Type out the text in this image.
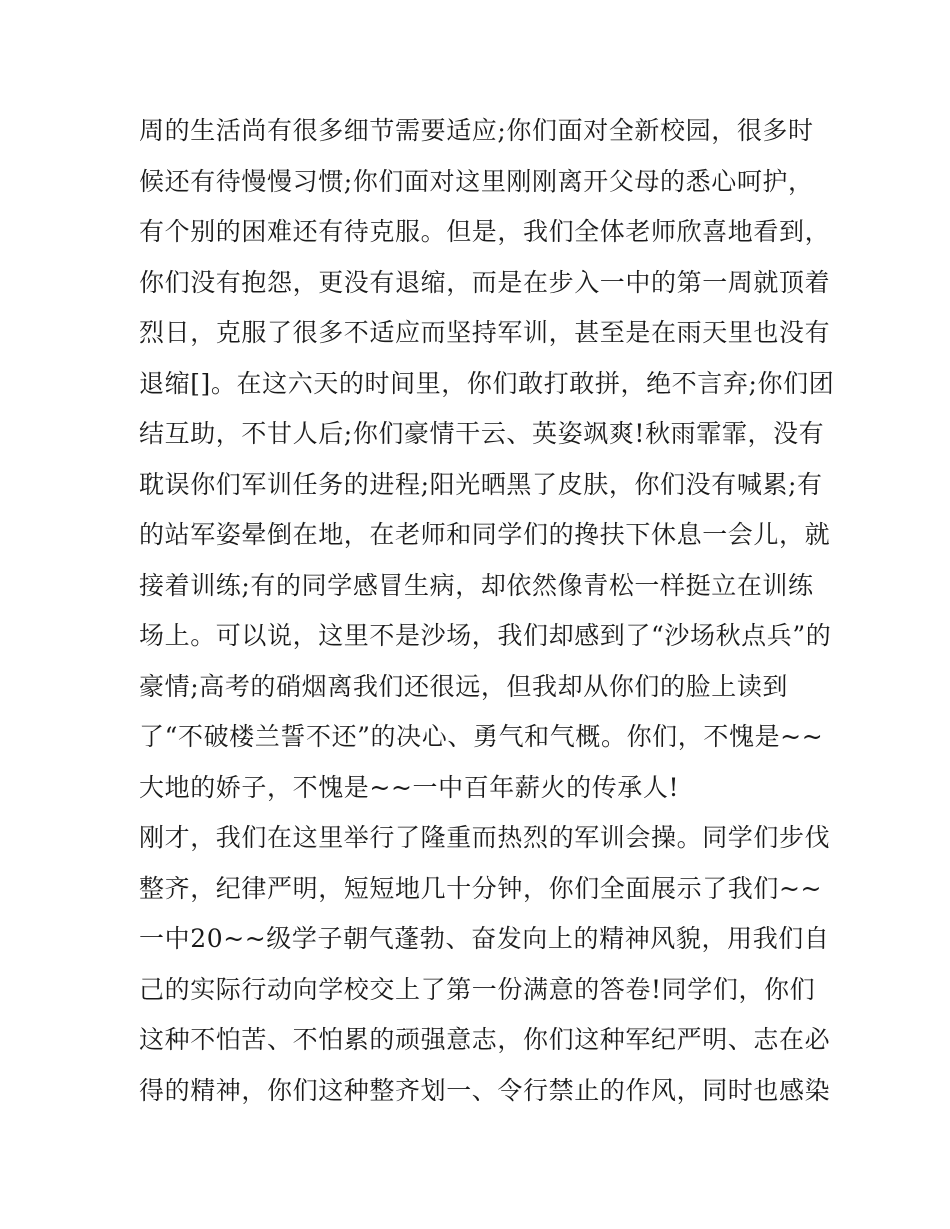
周的生活尚有很多细节需要适应;你们面对全新校园，很多时
候还有待慢慢习惯;你们面对这里刚刚离开父母的悉心呵护，
有个别的困难还有待克服。但是，我们全体老师欣喜地看到，
你们没有抱怨，更没有退缩，而是在步入一中的第一周就顶着
烈日，克服了很多不适应而坚持军训，甚至是在雨天里也没有
退缩[]。在这六天的时间里，你们敢打敢拼，绝不言弃;你们团
结互助，不甘人后;你们豪情干云、英姿飒爽!秋雨霏霏，没有
耽误你们军训任务的进程;阳光晒黑了皮肤，你们没有喊累;有
的站军姿晕倒在地，在老师和同学们的搀扶下休息一会儿，就
接着训练;有的同学感冒生病，却依然像青松一样挺立在训练
场上。可以说，这里不是沙场，我们却感到了“沙场秋点兵”的
豪情;高考的硝烟离我们还很远，但我却从你们的脸上读到
了“不破楼兰誓不还”的决心、勇气和气概。你们，不愧是~~
大地的娇子，不愧是~~一中百年薪火的传承人!
刚才，我们在这里举行了隆重而热烈的军训会操。同学们步伐
整齐，纪律严明，短短地几十分钟，你们全面展示了我们~~
一中20~~级学子朝气蓬勃、奋发向上的精神风貌，用我们自
己的实际行动向学校交上了第一份满意的答卷!同学们，你们
这种不怕苦、不怕累的顽强意志，你们这种军纪严明、志在必
得的精神，你们这种整齐划一、令行禁止的作风，同时也感染
